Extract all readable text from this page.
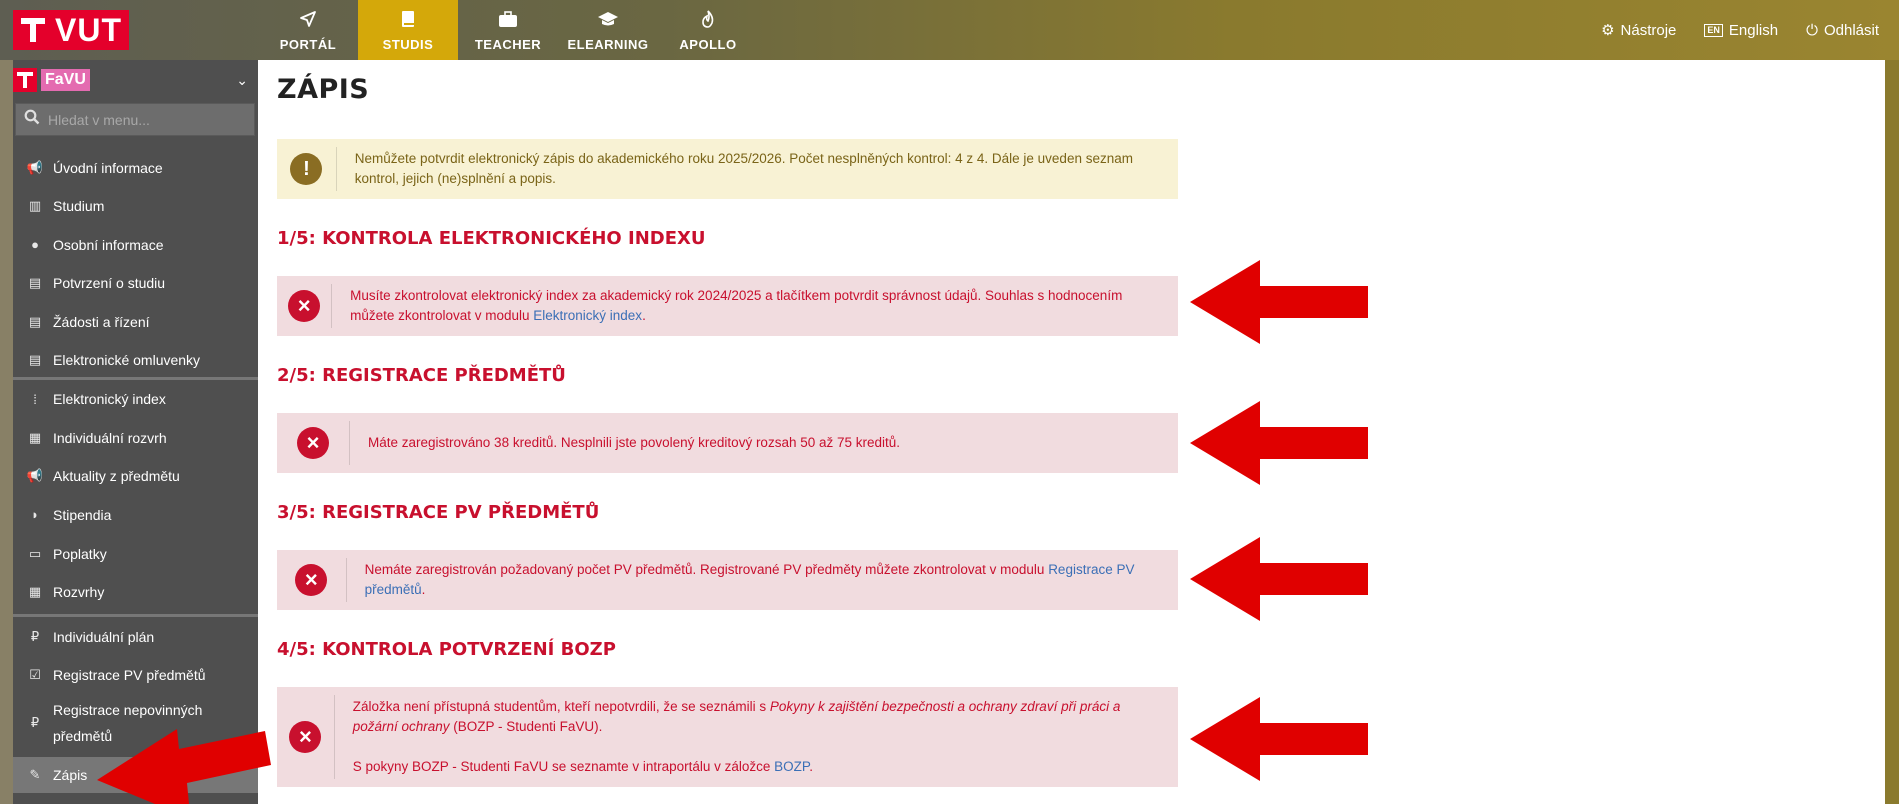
VUT	PORTÁL	STUDIS	TEACHER ELEARNING APOLLO
⚙ Nástroje	EN English ⏻ Odhlásit
FaVU	⌄
Hledat v menu...
📢 Úvodní informace
▥ Studium
●	Osobní informace
▤ Potvrzení o studiu
▤ Žádosti a řízení
▤ Elektronické omluvenky
⁞	Elektronický index
▦ Individuální rozvrh
📢 Aktuality z předmětu
◗	Stipendia
▭ Poplatky
▦ Rozvrhy
₽ Individuální plán
☑ Registrace PV předmětů
₽
Registrace nepovinných předmětů
✎ Zápis
ZÁPIS
!	Nemůžete potvrdit elektronický zápis do akademického roku 2025/2026. Počet nesplněných kontrol: 4 z 4. Dále je uveden seznam kontrol, jejich (ne)splnění a popis.
1/5: KONTROLA ELEKTRONICKÉHO INDEXU
×	Musíte zkontrolovat elektronický index za akademický rok 2024/2025 a tlačítkem potvrdit správnost údajů. Souhlas s hodnocením můžete zkontrolovat v modulu Elektronický index.
2/5: REGISTRACE PŘEDMĚTŮ
×	Máte zaregistrováno 38 kreditů. Nesplnili jste povolený kreditový rozsah 50 až 75 kreditů.
3/5: REGISTRACE PV PŘEDMĚTŮ
×	Nemáte zaregistrován požadovaný počet PV předmětů. Registrované PV předměty můžete zkontrolovat v modulu Registrace PV předmětů.
4/5: KONTROLA POTVRZENÍ BOZP
×
Záložka není přístupná studentům, kteří nepotvrdili, že se seznámili s Pokyny k zajištění bezpečnosti a ochrany zdraví při práci a požární ochrany (BOZP - Studenti FaVU).
S pokyny BOZP - Studenti FaVU se seznamte v intraportálu v záložce BOZP.
